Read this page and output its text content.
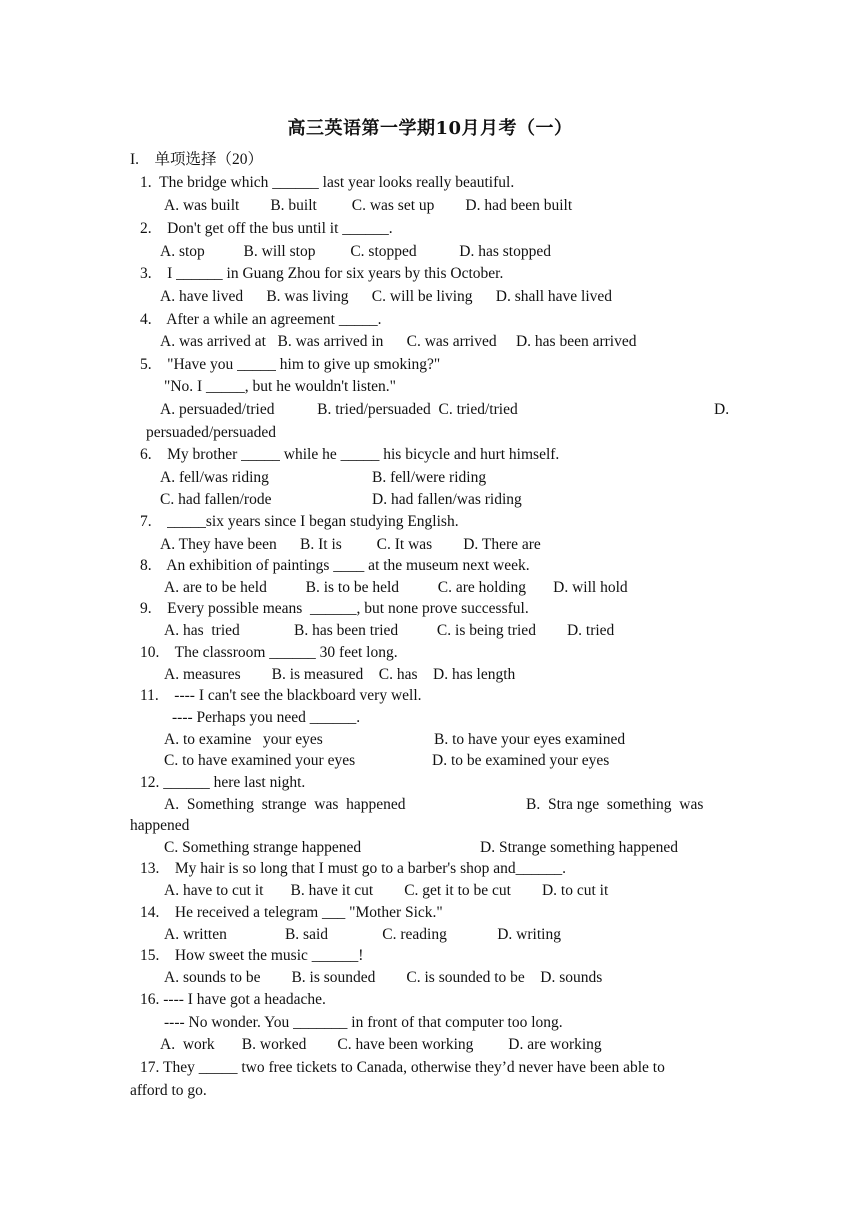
高三英语第一学期10月月考（一）
I.    单项选择（20）
1.  The bridge which ______ last year looks really beautiful.
A. was built        B. built         C. was set up        D. had been built
2.    Don't get off the bus until it ______.
A. stop          B. will stop         C. stopped           D. has stopped
3.    I ______ in Guang Zhou for six years by this October.
A. have lived      B. was living      C. will be living      D. shall have lived
4.    After a while an agreement _____.
A. was arrived at   B. was arrived in      C. was arrived     D. has been arrived
5.    "Have you _____ him to give up smoking?"
"No. I _____, but he wouldn't listen."
A. persuaded/tried           B. tried/persuaded  C. tried/tried	D.
persuaded/persuaded
6.    My brother _____ while he _____ his bicycle and hurt himself.
A. fell/was riding	B. fell/were riding
C. had fallen/rode	D. had fallen/was riding
7.    _____six years since I began studying English.
A. They have been      B. It is         C. It was        D. There are
8.    An exhibition of paintings ____ at the museum next week.
A. are to be held          B. is to be held          C. are holding       D. will hold
9.    Every possible means  ______, but none prove successful.
A. has  tried              B. has been tried          C. is being tried        D. tried
10.    The classroom ______ 30 feet long.
A. measures        B. is measured    C. has    D. has length
11.    ---- I can't see the blackboard very well.
---- Perhaps you need ______.
A. to examine   your eyes	B. to have your eyes examined
C. to have examined your eyes	D. to be examined your eyes
12. ______ here last night.
A.  Something  strange  was  happened	B.  Stra nge  something  was
happened
C. Something strange happened	D. Strange something happened
13.    My hair is so long that I must go to a barber's shop and______.
A. have to cut it       B. have it cut        C. get it to be cut        D. to cut it
14.    He received a telegram ___ "Mother Sick."
A. written               B. said              C. reading             D. writing
15.    How sweet the music ______!
A. sounds to be        B. is sounded        C. is sounded to be    D. sounds
16. ---- I have got a headache.
---- No wonder. You _______ in front of that computer too long.
A.  work       B. worked        C. have been working         D. are working
17. They _____ two free tickets to Canada, otherwise they’d never have been able to
afford to go.
